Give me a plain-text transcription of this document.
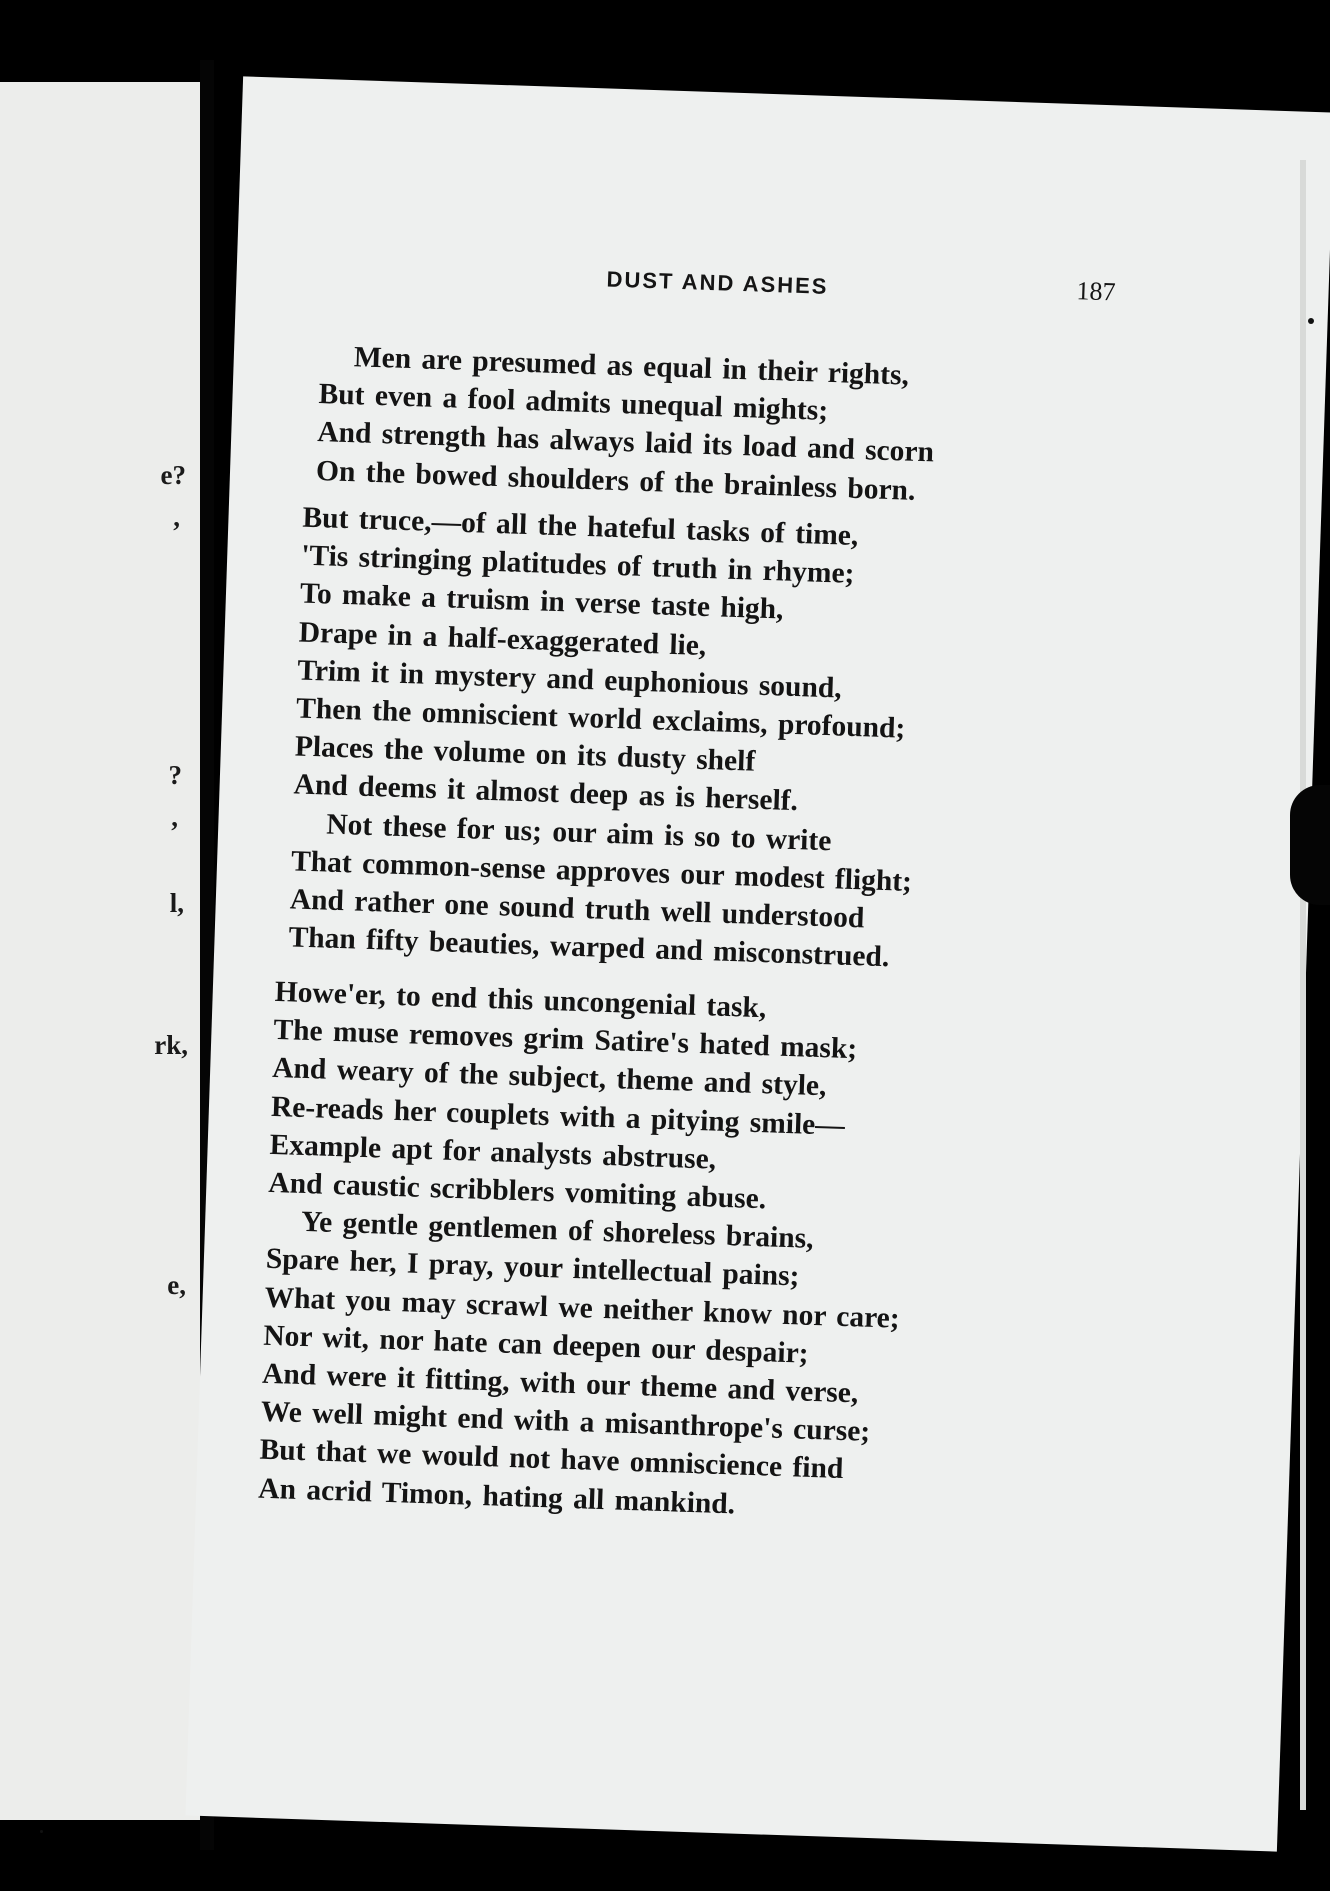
e?
,
?
,
l,
rk,
e,
DUST AND ASHES	187
Men are presumed as equal in their rights,
But even a fool admits unequal mights;
And strength has always laid its load and scorn
On the bowed shoulders of the brainless born.
But truce,—of all the hateful tasks of time,
'Tis stringing platitudes of truth in rhyme;
To make a truism in verse taste high,
Drape in a half-exaggerated lie,
Trim it in mystery and euphonious sound,
Then the omniscient world exclaims, profound;
Places the volume on its dusty shelf
And deems it almost deep as is herself.
Not these for us; our aim is so to write
That common-sense approves our modest flight;
And rather one sound truth well understood
Than fifty beauties, warped and misconstrued.
Howe'er, to end this uncongenial task,
The muse removes grim Satire's hated mask;
And weary of the subject, theme and style,
Re-reads her couplets with a pitying smile—
Example apt for analysts abstruse,
And caustic scribblers vomiting abuse.
Ye gentle gentlemen of shoreless brains,
Spare her, I pray, your intellectual pains;
What you may scrawl we neither know nor care;
Nor wit, nor hate can deepen our despair;
And were it fitting, with our theme and verse,
We well might end with a misanthrope's curse;
But that we would not have omniscience find
An acrid Timon, hating all mankind.
